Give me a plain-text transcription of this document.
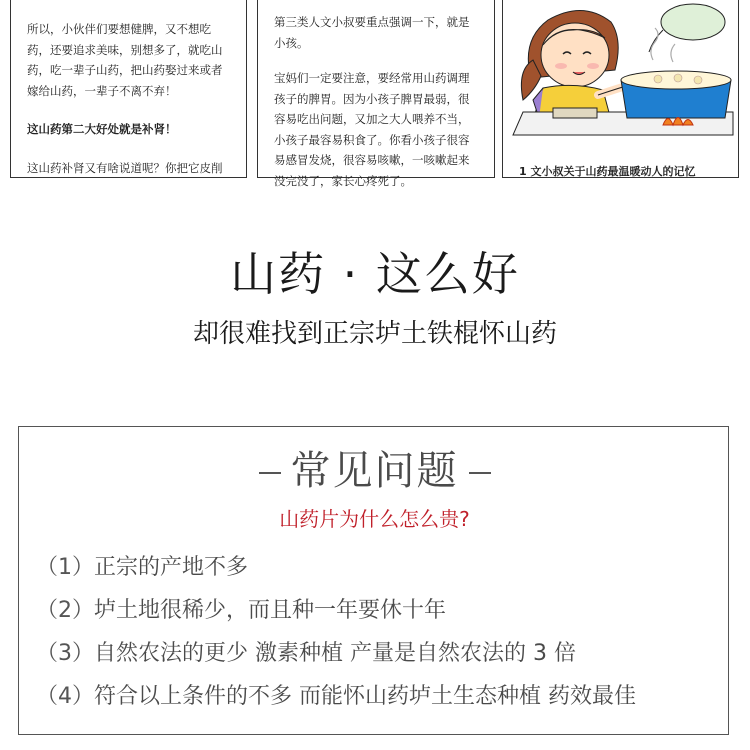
所以，小伙伴们要想健脾，又不想吃

药，还要追求美味，别想多了，就吃山

药，吃一辈子山药，把山药娶过来或者

嫁给山药，一辈子不离不弃！

这山药第二大好处就是补肾！

这山药补肾又有啥说道呢？你把它皮削

第三类人文小叔要重点强调一下，就是

小孩。

宝妈们一定要注意，要经常用山药调理

孩子的脾胃。因为小孩子脾胃最弱，很

容易吃出问题，又加之大人喂养不当，

小孩子最容易积食了。你看小孩子很容

易感冒发烧，很容易咳嗽，一咳嗽起来

没完没了，家长心疼死了。

1 文小叔关于山药最温暖动人的记忆
山药 · 这么好
却很难找到正宗垆土铁棍怀山药
常见问题
山药片为什么怎么贵?
（1）正宗的产地不多
（2）垆土地很稀少，而且种一年要休十年
（3）自然农法的更少 激素种植 产量是自然农法的 3 倍
（4）符合以上条件的不多 而能怀山药垆土生态种植 药效最佳
